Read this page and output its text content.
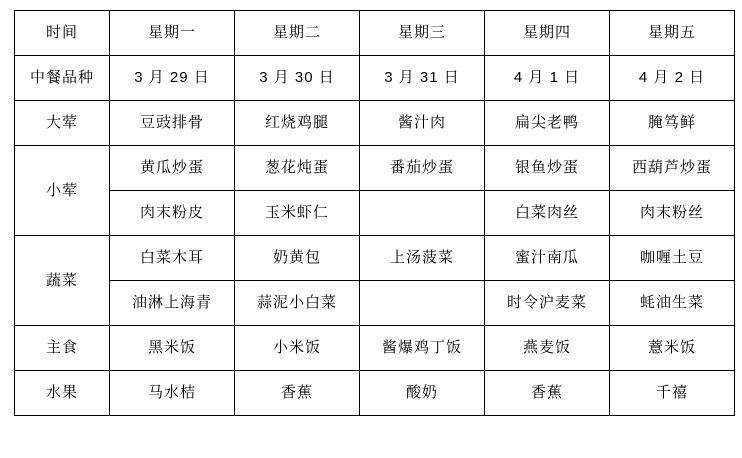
时间	星期一	星期二	星期三	星期四	星期五
中餐品种	3 月 29 日	3 月 30 日	3 月 31 日	4 月 1 日	4 月 2 日
大荤	豆豉排骨	红烧鸡腿	酱汁肉	扁尖老鸭	腌笃鲜
小荤	黄瓜炒蛋	葱花炖蛋	番茄炒蛋	银鱼炒蛋	西葫芦炒蛋
	肉末粉皮	玉米虾仁		白菜肉丝	肉末粉丝
蔬菜	白菜木耳	奶黄包	上汤菠菜	蜜汁南瓜	咖喱土豆
	油淋上海青	蒜泥小白菜		时令沪麦菜	蚝油生菜
主食	黑米饭	小米饭	酱爆鸡丁饭	燕麦饭	薏米饭
水果	马水桔	香蕉	酸奶	香蕉	千禧
